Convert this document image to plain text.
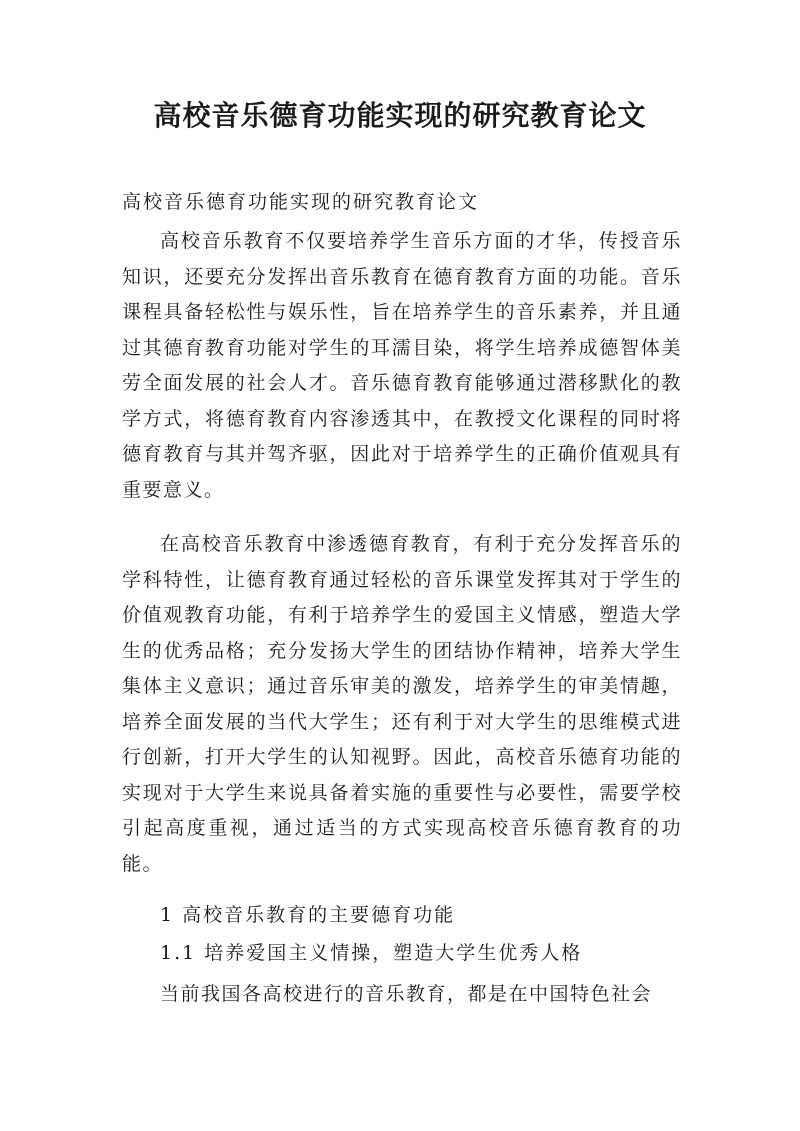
高校音乐德育功能实现的研究教育论文

高校音乐德育功能实现的研究教育论文

高校音乐教育不仅要培养学生音乐方面的才华，传授音乐知识，还要充分发挥出音乐教育在德育教育方面的功能。音乐课程具备轻松性与娱乐性，旨在培养学生的音乐素养，并且通过其德育教育功能对学生的耳濡目染，将学生培养成德智体美劳全面发展的社会人才。音乐德育教育能够通过潜移默化的教学方式，将德育教育内容渗透其中，在教授文化课程的同时将德育教育与其并驾齐驱，因此对于培养学生的正确价值观具有重要意义。

在高校音乐教育中渗透德育教育，有利于充分发挥音乐的学科特性，让德育教育通过轻松的音乐课堂发挥其对于学生的价值观教育功能，有利于培养学生的爱国主义情感，塑造大学生的优秀品格；充分发扬大学生的团结协作精神，培养大学生集体主义意识；通过音乐审美的激发，培养学生的审美情趣，培养全面发展的当代大学生；还有利于对大学生的思维模式进行创新，打开大学生的认知视野。因此，高校音乐德育功能的实现对于大学生来说具备着实施的重要性与必要性，需要学校引起高度重视，通过适当的方式实现高校音乐德育教育的功能。

1 高校音乐教育的主要德育功能

1.1 培养爱国主义情操，塑造大学生优秀人格

当前我国各高校进行的音乐教育，都是在中国特色社会
